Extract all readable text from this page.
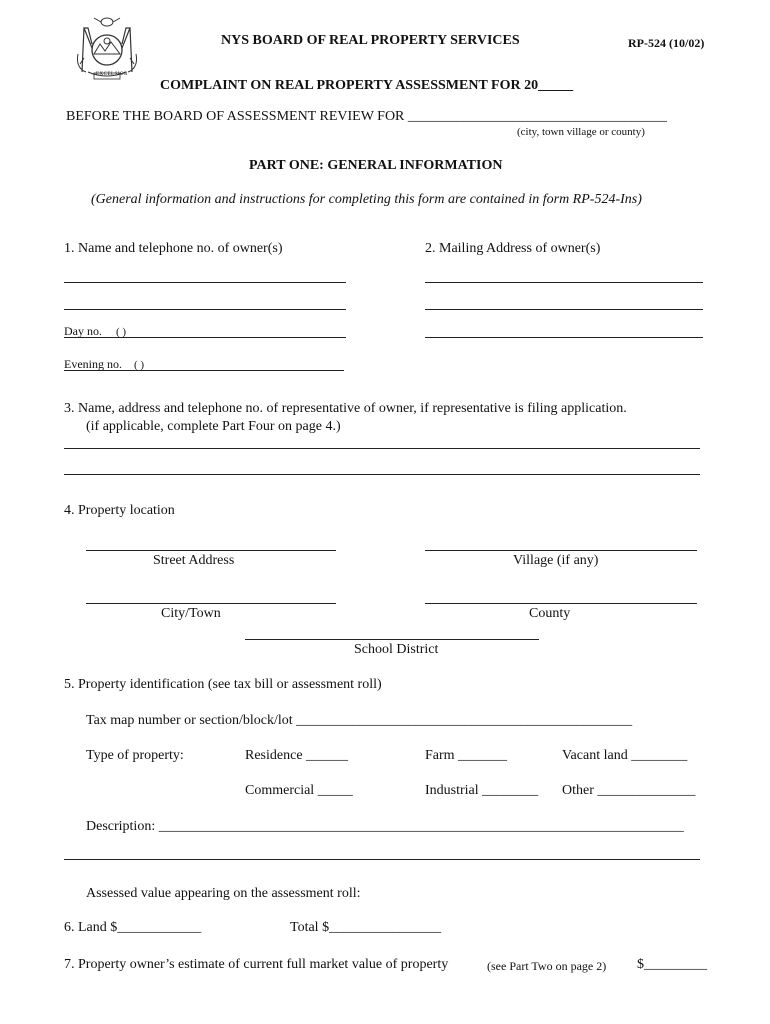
EXCELSIOR
NYS BOARD OF REAL PROPERTY SERVICES	RP-524 (10/02)
COMPLAINT ON REAL PROPERTY ASSESSMENT FOR 20_____
BEFORE THE BOARD OF ASSESSMENT REVIEW FOR _____________________________________
(city, town village or county)
PART ONE: GENERAL INFORMATION
(General information and instructions for completing this form are contained in form RP-524-Ins)
1. Name and telephone no. of owner(s)	2. Mailing Address of owner(s)
Day no. ( )
Evening no. ( )
3. Name, address and telephone no. of representative of owner, if representative is filing application.
(if applicable, complete Part Four on page 4.)
4. Property location
Street Address	Village (if any)
City/Town	County
School District
5. Property identification (see tax bill or assessment roll)
Tax map number or section/block/lot ________________________________________________
Type of property:	Residence ______	Farm _______	Vacant land ________
Commercial _____	Industrial ________ Other ______________
Description: ___________________________________________________________________________
Assessed value appearing on the assessment roll:
6. Land $____________	Total $________________
7. Property owner’s estimate of current full market value of property	(see Part Two on page 2) $_________
